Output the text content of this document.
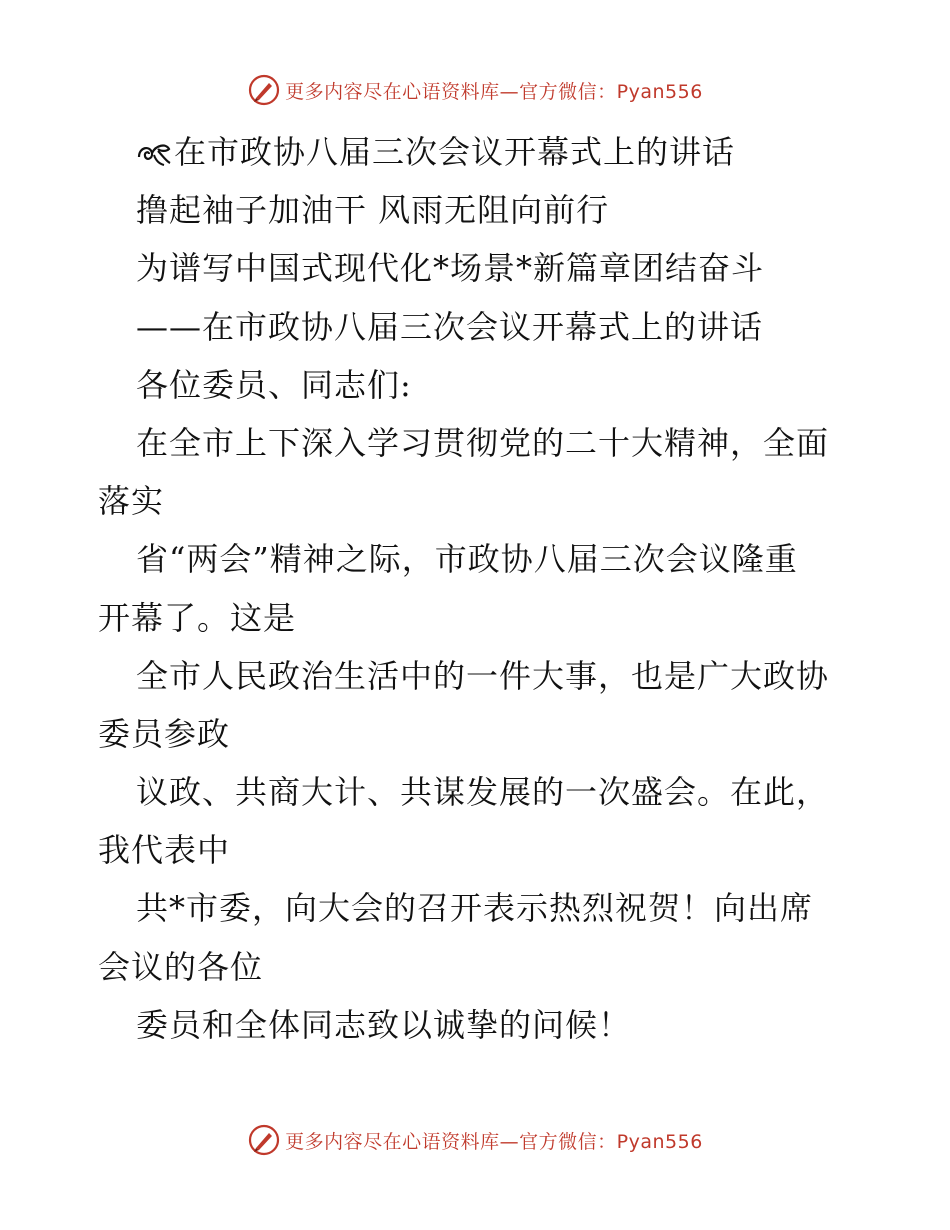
更多内容尽在心语资料库—官方微信：Pyan556
在市政协八届三次会议开幕式上的讲话
撸起袖子加油干 风雨无阻向前行
为谱写中国式现代化*场景*新篇章团结奋斗
——在市政协八届三次会议开幕式上的讲话
各位委员、同志们:
在全市上下深入学习贯彻党的二十大精神，全面
落实
省“两会”精神之际，市政协八届三次会议隆重
开幕了。这是
全市人民政治生活中的一件大事，也是广大政协
委员参政
议政、共商大计、共谋发展的一次盛会。在此，
我代表中
共*市委，向大会的召开表示热烈祝贺！向出席
会议的各位
委员和全体同志致以诚挚的问候！
更多内容尽在心语资料库—官方微信：Pyan556
